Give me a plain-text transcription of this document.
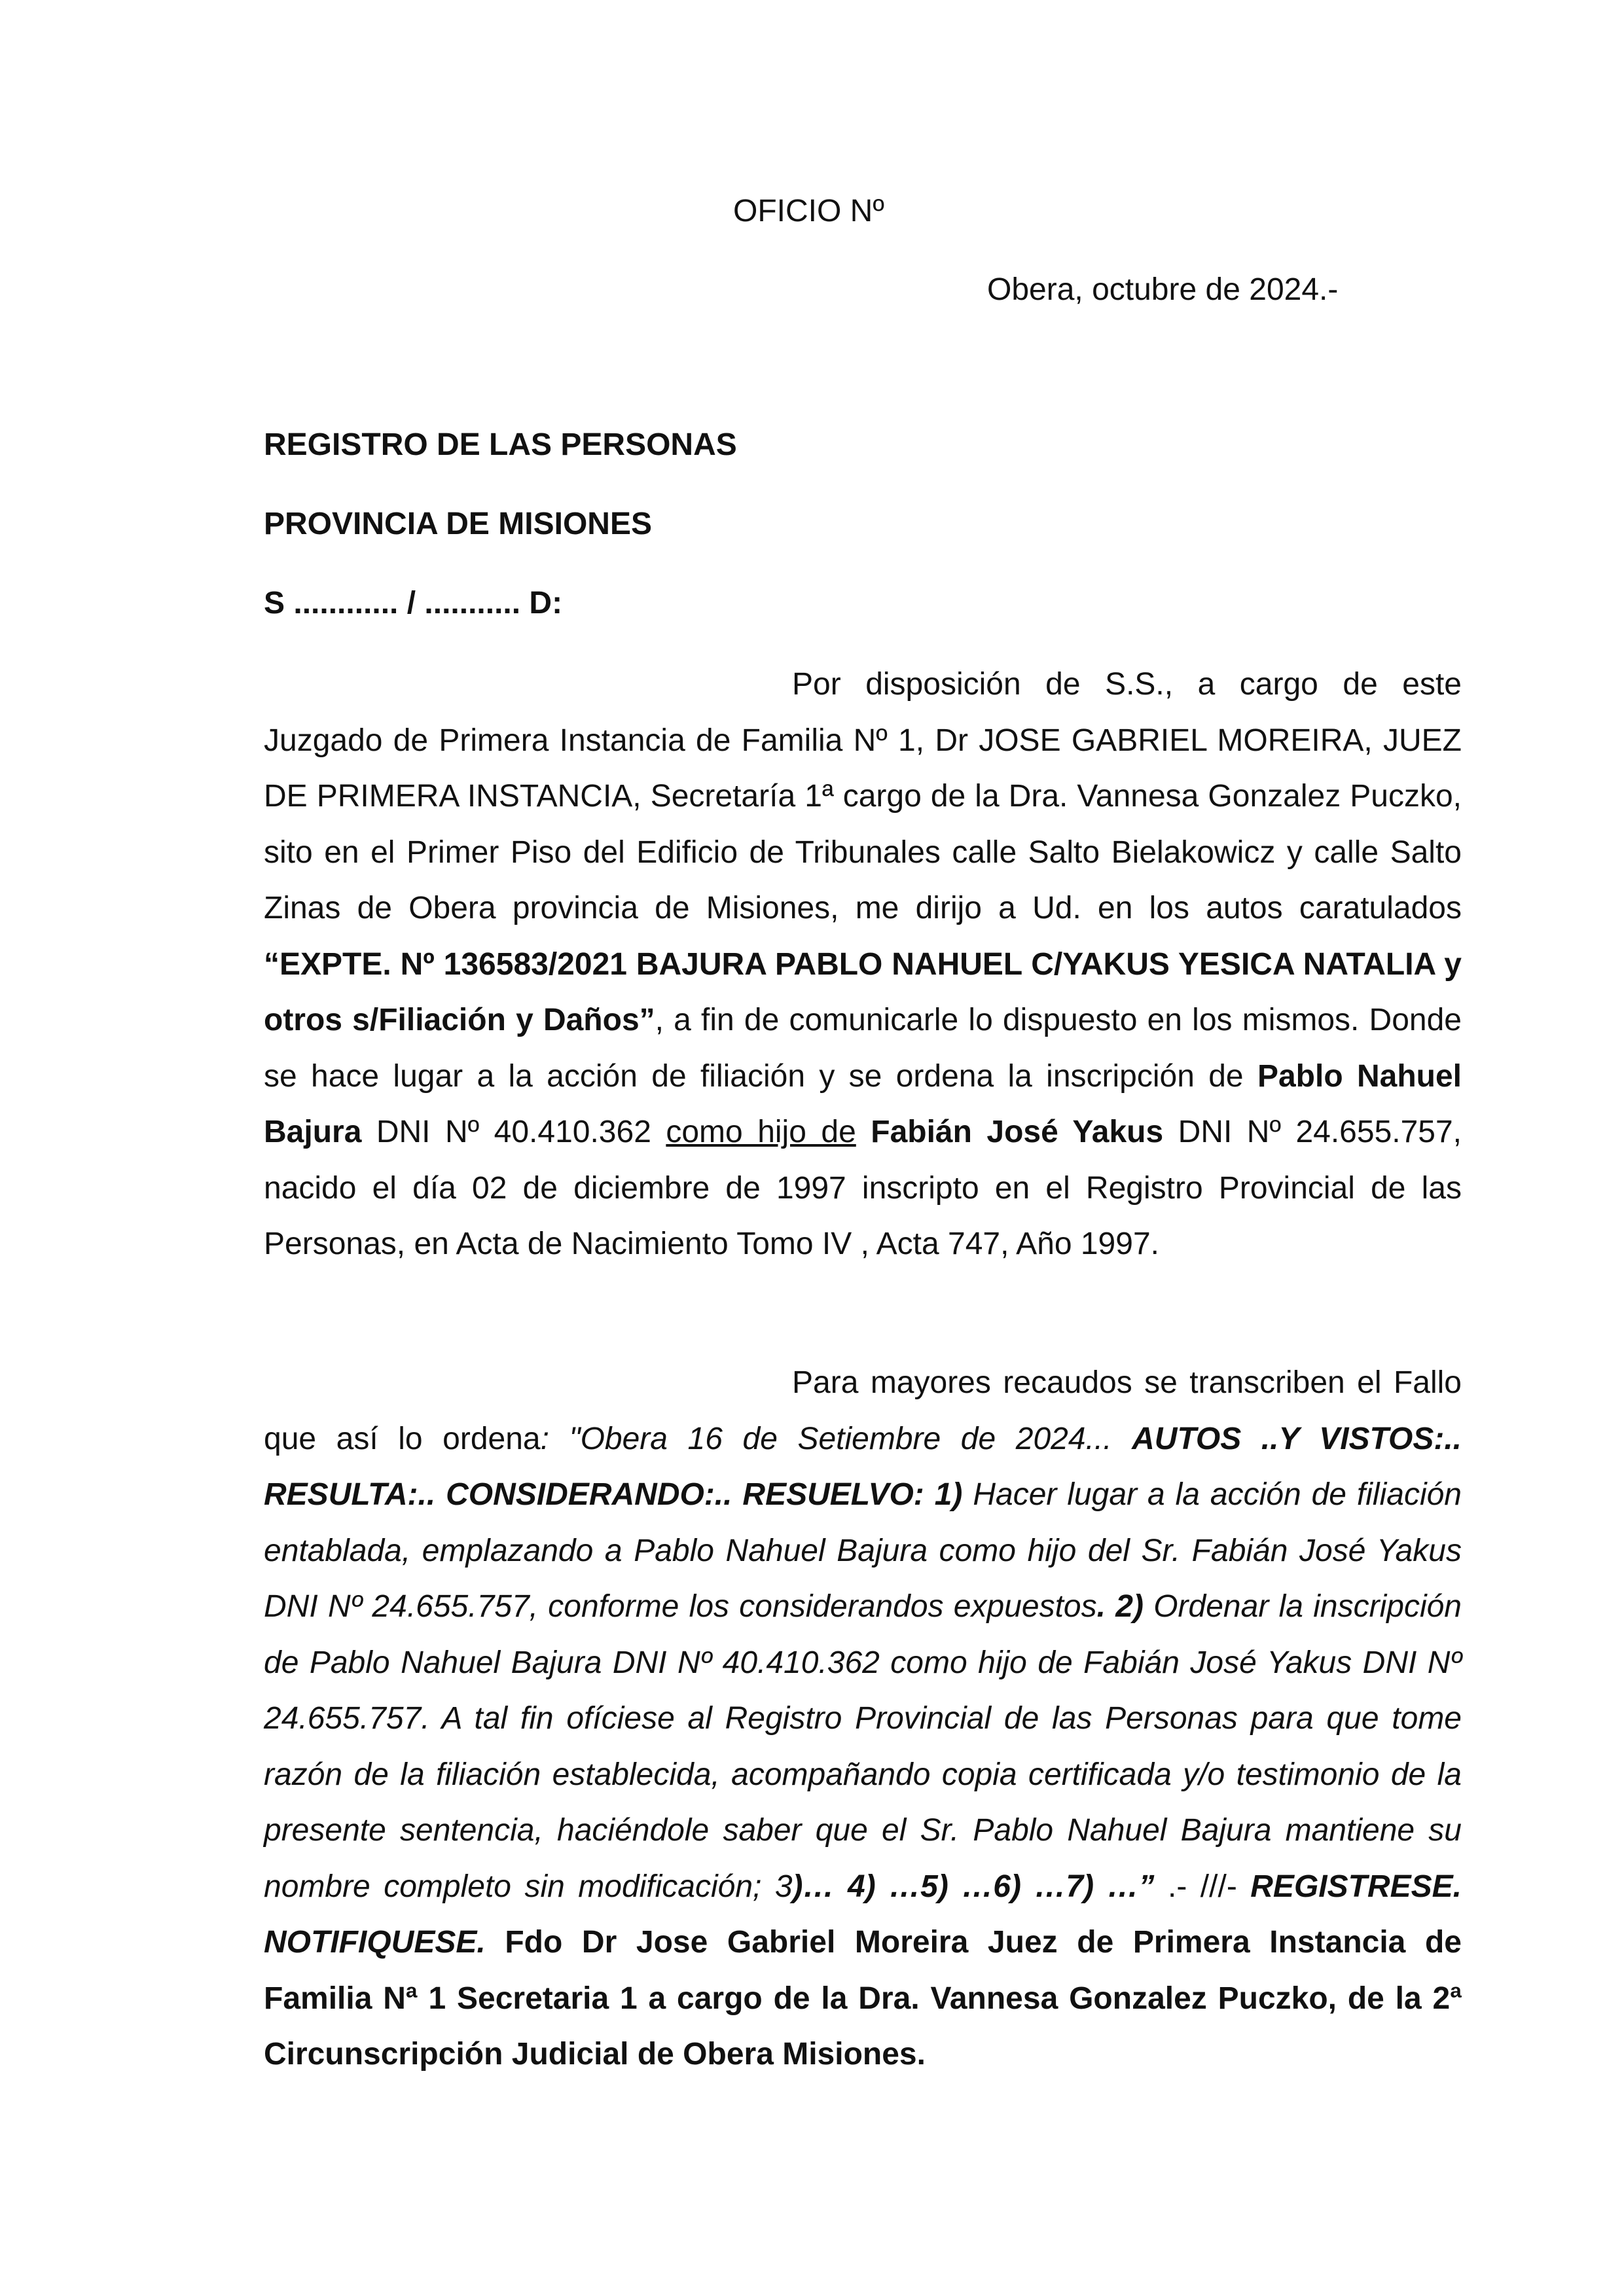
OFICIO Nº
Obera, octubre de 2024.-
REGISTRO DE LAS PERSONAS
PROVINCIA DE MISIONES
S ............ / ........... D:

Por disposición de S.S., a cargo de este Juzgado de Primera Instancia de Familia Nº 1, Dr JOSE GABRIEL MOREIRA, JUEZ DE PRIMERA INSTANCIA, Secretaría 1ª cargo de la Dra. Vannesa Gonzalez Puczko, sito en el Primer Piso del Edificio de Tribunales calle Salto Bielakowicz y calle Salto Zinas de Obera provincia de Misiones, me dirijo a Ud. en los autos caratulados “EXPTE. Nº 136583/2021 BAJURA PABLO NAHUEL C/YAKUS YESICA NATALIA y otros s/Filiación y Daños”, a fin de comunicarle lo dispuesto en los mismos. Donde se hace lugar a la acción de filiación y se ordena la inscripción de Pablo Nahuel Bajura DNI Nº 40.410.362 como hijo de Fabián José Yakus DNI Nº 24.655.757, nacido el día 02 de diciembre de 1997 inscripto en el Registro Provincial de las Personas, en Acta de Nacimiento Tomo IV , Acta 747, Año 1997.

Para mayores recaudos se transcriben el Fallo que así lo ordena: "Obera 16 de Setiembre de 2024... AUTOS ..Y VISTOS:.. RESULTA:.. CONSIDERANDO:.. RESUELVO: 1) Hacer lugar a la acción de filiación entablada, emplazando a Pablo Nahuel Bajura como hijo del Sr. Fabián José Yakus DNI Nº 24.655.757, conforme los considerandos expuestos. 2) Ordenar la inscripción de Pablo Nahuel Bajura DNI Nº 40.410.362 como hijo de Fabián José Yakus DNI Nº 24.655.757. A tal fin ofíciese al Registro Provincial de las Personas para que tome razón de la filiación establecida, acompañando copia certificada y/o testimonio de la presente sentencia, haciéndole saber que el Sr. Pablo Nahuel Bajura mantiene su nombre completo sin modificación; 3)… 4) …5) …6) …7) …” .- ///- REGISTRESE. NOTIFIQUESE. Fdo Dr Jose Gabriel Moreira Juez de Primera Instancia de Familia Nª 1 Secretaria 1 a cargo de la Dra. Vannesa Gonzalez Puczko, de la 2ª Circunscripción Judicial de Obera Misiones.
